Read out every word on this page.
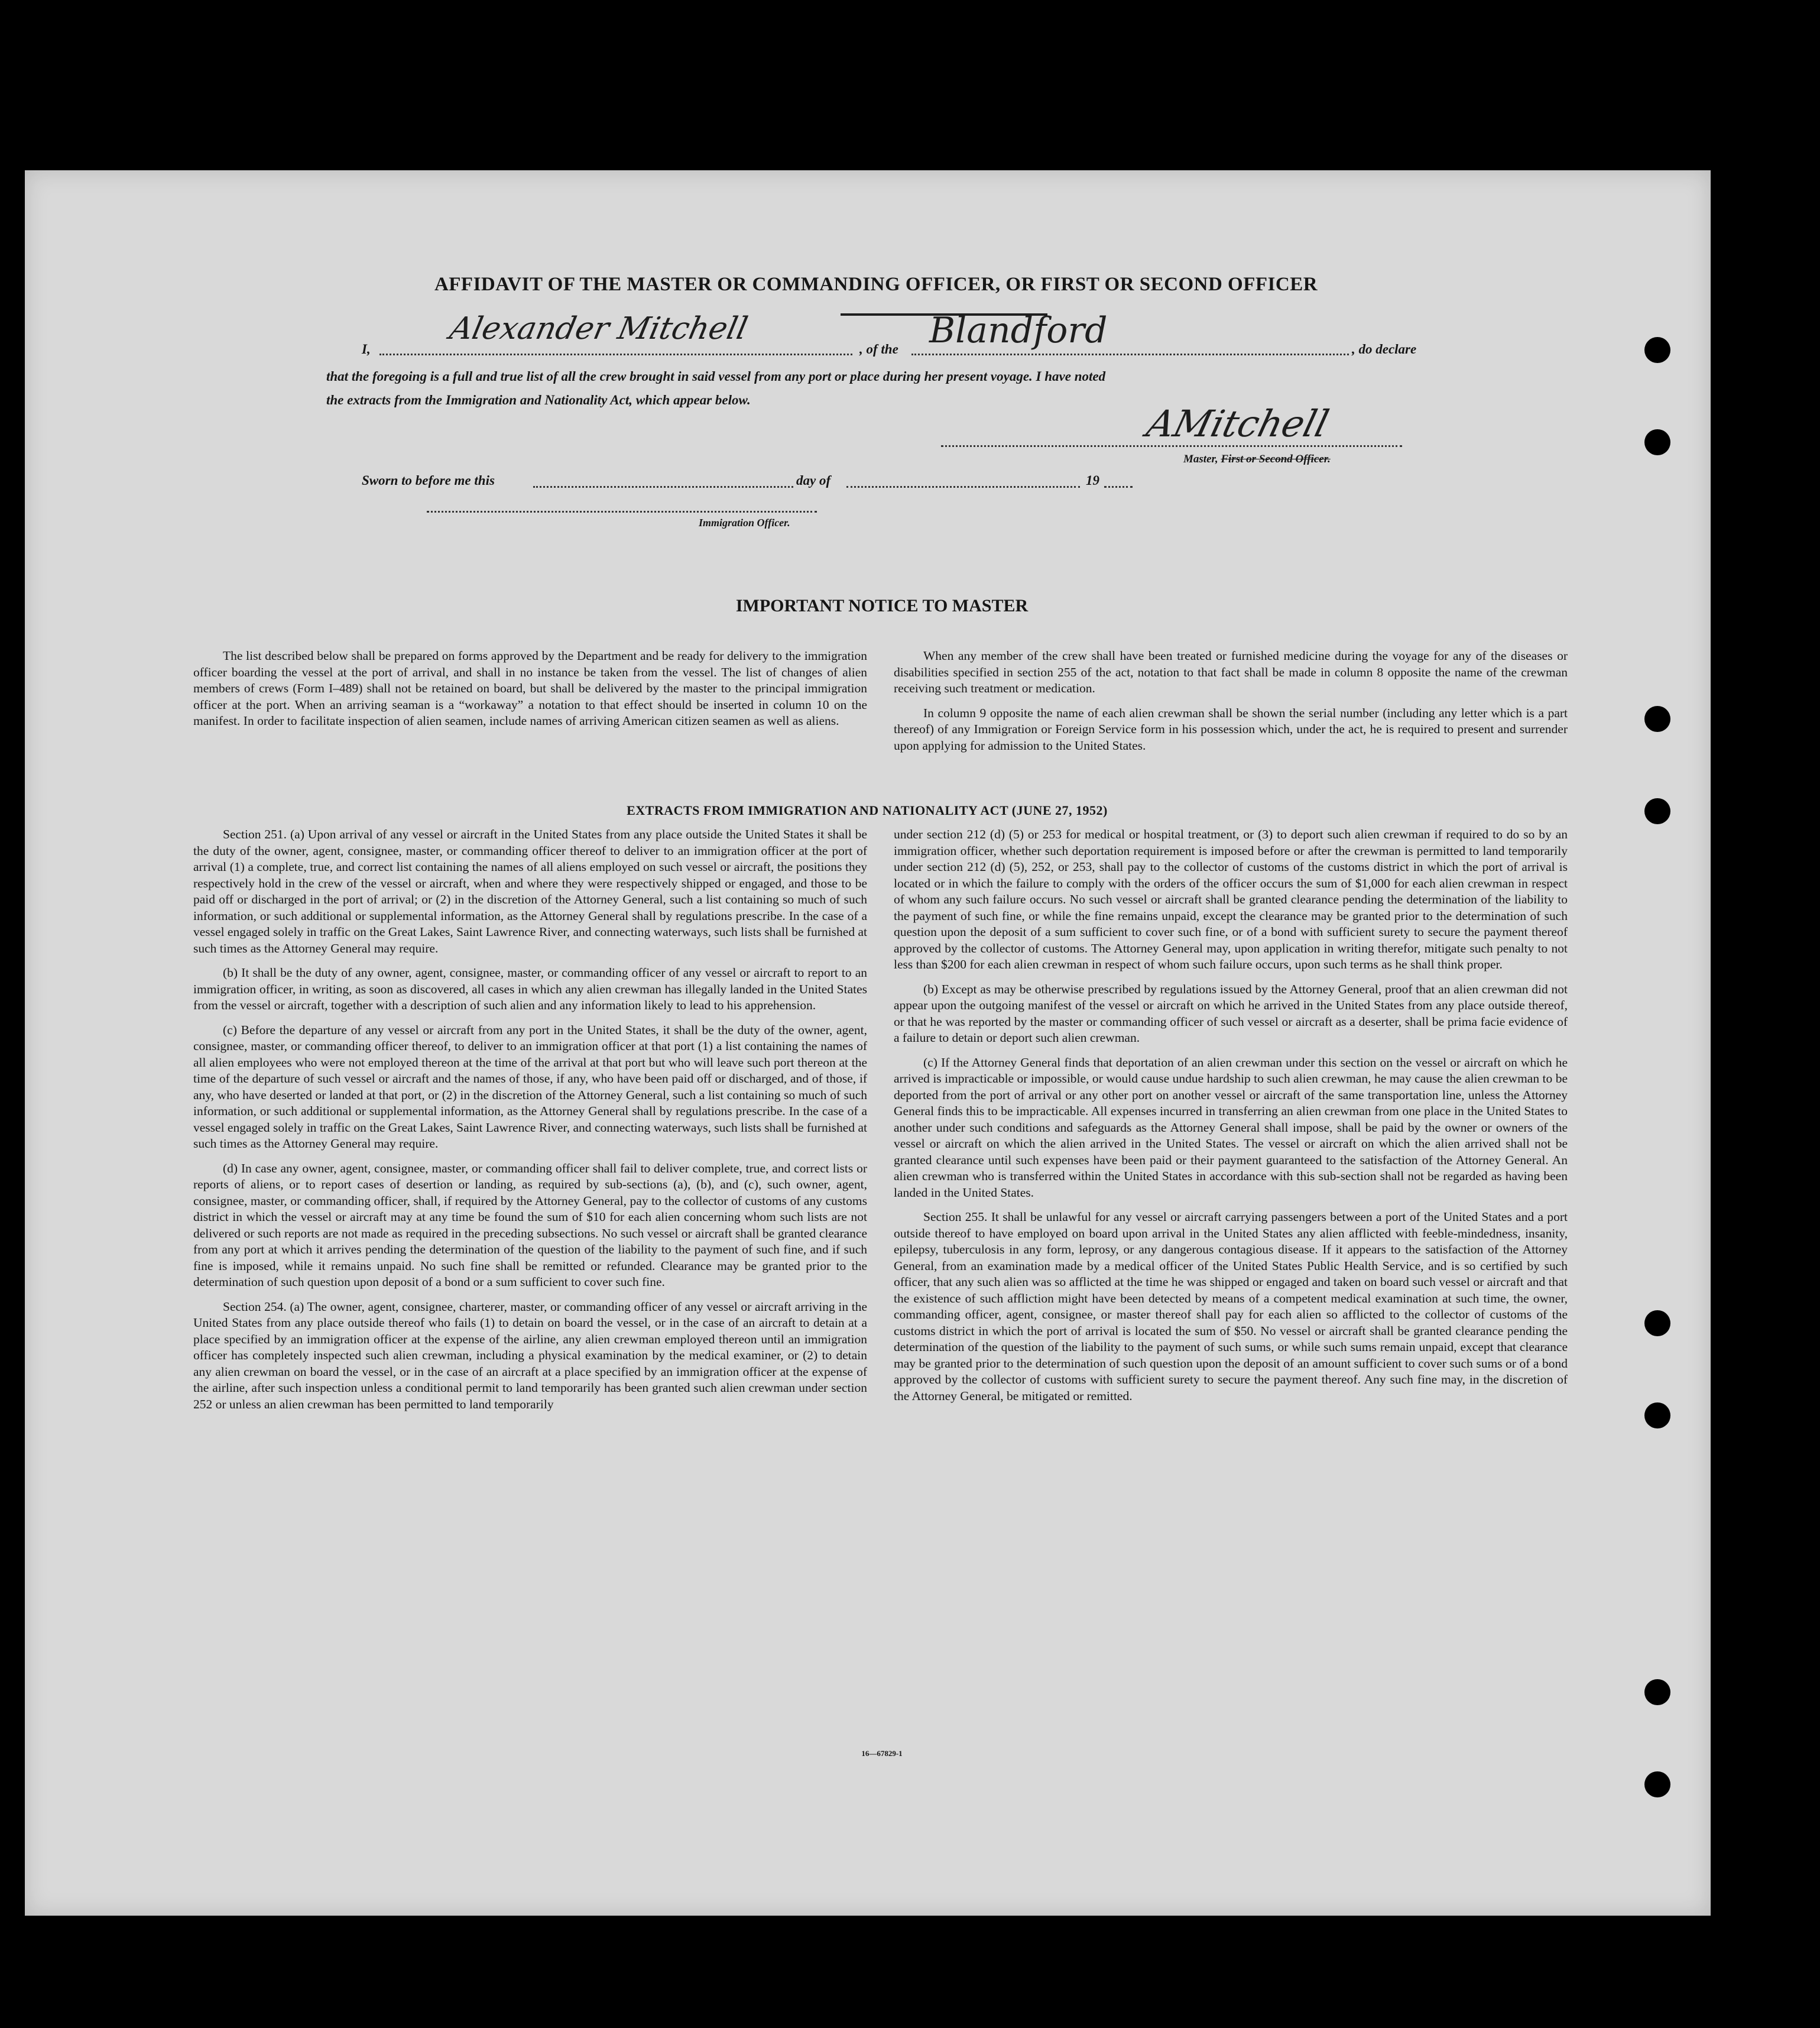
AFFIDAVIT OF THE MASTER OR COMMANDING OFFICER, OR FIRST OR SECOND OFFICER
I,
Alexander Mitchell
, of the Blandford	, do declare
that the foregoing is a full and true list of all the crew brought in said vessel from any port or place during her present voyage. I have noted
the extracts from the Immigration and Nationality Act, which appear below.
AMitchell
Master, First or Second Officer.
Sworn to before me this	day of	19
Immigration Officer.
IMPORTANT NOTICE TO MASTER

The list described below shall be prepared on forms approved by the Department and be ready for delivery to the immigration officer boarding the vessel at the port of arrival, and shall in no instance be taken from the vessel. The list of changes of alien members of crews (Form I–489) shall not be retained on board, but shall be delivered by the master to the principal immigration officer at the port. When an arriving seaman is a “workaway” a notation to that effect should be inserted in column 10 on the manifest. In order to facilitate inspection of alien seamen, include names of arriving American citizen seamen as well as aliens.

When any member of the crew shall have been treated or furnished medicine during the voyage for any of the diseases or disabilities specified in section 255 of the act, notation to that fact shall be made in column 8 opposite the name of the crewman receiving such treatment or medication.

In column 9 opposite the name of each alien crewman shall be shown the serial number (including any letter which is a part thereof) of any Immigration or Foreign Service form in his possession which, under the act, he is required to present and surrender upon applying for admission to the United States.

EXTRACTS FROM IMMIGRATION AND NATIONALITY ACT (JUNE 27, 1952)

Section 251. (a) Upon arrival of any vessel or aircraft in the United States from any place outside the United States it shall be the duty of the owner, agent, consignee, master, or commanding officer thereof to deliver to an immigration officer at the port of arrival (1) a complete, true, and correct list containing the names of all aliens employed on such vessel or aircraft, the positions they respectively hold in the crew of the vessel or aircraft, when and where they were respectively shipped or engaged, and those to be paid off or discharged in the port of arrival; or (2) in the discretion of the Attorney General, such a list containing so much of such information, or such additional or supplemental information, as the Attorney General shall by regulations prescribe. In the case of a vessel engaged solely in traffic on the Great Lakes, Saint Lawrence River, and connecting waterways, such lists shall be furnished at such times as the Attorney General may require.

(b) It shall be the duty of any owner, agent, consignee, master, or commanding officer of any vessel or aircraft to report to an immigration officer, in writing, as soon as discovered, all cases in which any alien crewman has illegally landed in the United States from the vessel or aircraft, together with a description of such alien and any information likely to lead to his apprehension.

(c) Before the departure of any vessel or aircraft from any port in the United States, it shall be the duty of the owner, agent, consignee, master, or commanding officer thereof, to deliver to an immigration officer at that port (1) a list containing the names of all alien employees who were not employed thereon at the time of the arrival at that port but who will leave such port thereon at the time of the departure of such vessel or aircraft and the names of those, if any, who have been paid off or discharged, and of those, if any, who have deserted or landed at that port, or (2) in the discretion of the Attorney General, such a list containing so much of such information, or such additional or supplemental information, as the Attorney General shall by regulations prescribe. In the case of a vessel engaged solely in traffic on the Great Lakes, Saint Lawrence River, and connecting waterways, such lists shall be furnished at such times as the Attorney General may require.

(d) In case any owner, agent, consignee, master, or commanding officer shall fail to deliver complete, true, and correct lists or reports of aliens, or to report cases of desertion or landing, as required by sub-sections (a), (b), and (c), such owner, agent, consignee, master, or commanding officer, shall, if required by the Attorney General, pay to the collector of customs of any customs district in which the vessel or aircraft may at any time be found the sum of $10 for each alien concerning whom such lists are not delivered or such reports are not made as required in the preceding subsections. No such vessel or aircraft shall be granted clearance from any port at which it arrives pending the determination of the question of the liability to the payment of such fine, and if such fine is imposed, while it remains unpaid. No such fine shall be remitted or refunded. Clearance may be granted prior to the determination of such question upon deposit of a bond or a sum sufficient to cover such fine.

Section 254. (a) The owner, agent, consignee, charterer, master, or commanding officer of any vessel or aircraft arriving in the United States from any place outside thereof who fails (1) to detain on board the vessel, or in the case of an aircraft to detain at a place specified by an immigration officer at the expense of the airline, any alien crewman employed thereon until an immigration officer has completely inspected such alien crewman, including a physical examination by the medical examiner, or (2) to detain any alien crewman on board the vessel, or in the case of an aircraft at a place specified by an immigration officer at the expense of the airline, after such inspection unless a conditional permit to land temporarily has been granted such alien crewman under section 252 or unless an alien crewman has been permitted to land temporarily

under section 212 (d) (5) or 253 for medical or hospital treatment, or (3) to deport such alien crewman if required to do so by an immigration officer, whether such deportation requirement is imposed before or after the crewman is permitted to land temporarily under section 212 (d) (5), 252, or 253, shall pay to the collector of customs of the customs district in which the port of arrival is located or in which the failure to comply with the orders of the officer occurs the sum of $1,000 for each alien crewman in respect of whom any such failure occurs. No such vessel or aircraft shall be granted clearance pending the determination of the liability to the payment of such fine, or while the fine remains unpaid, except the clearance may be granted prior to the determination of such question upon the deposit of a sum sufficient to cover such fine, or of a bond with sufficient surety to secure the payment thereof approved by the collector of customs. The Attorney General may, upon application in writing therefor, mitigate such penalty to not less than $200 for each alien crewman in respect of whom such failure occurs, upon such terms as he shall think proper.

(b) Except as may be otherwise prescribed by regulations issued by the Attorney General, proof that an alien crewman did not appear upon the outgoing manifest of the vessel or aircraft on which he arrived in the United States from any place outside thereof, or that he was reported by the master or commanding officer of such vessel or aircraft as a deserter, shall be prima facie evidence of a failure to detain or deport such alien crewman.

(c) If the Attorney General finds that deportation of an alien crewman under this section on the vessel or aircraft on which he arrived is impracticable or impossible, or would cause undue hardship to such alien crewman, he may cause the alien crewman to be deported from the port of arrival or any other port on another vessel or aircraft of the same transportation line, unless the Attorney General finds this to be impracticable. All expenses incurred in transferring an alien crewman from one place in the United States to another under such conditions and safeguards as the Attorney General shall impose, shall be paid by the owner or owners of the vessel or aircraft on which the alien arrived in the United States. The vessel or aircraft on which the alien arrived shall not be granted clearance until such expenses have been paid or their payment guaranteed to the satisfaction of the Attorney General. An alien crewman who is transferred within the United States in accordance with this sub-section shall not be regarded as having been landed in the United States.

Section 255. It shall be unlawful for any vessel or aircraft carrying passengers between a port of the United States and a port outside thereof to have employed on board upon arrival in the United States any alien afflicted with feeble-mindedness, insanity, epilepsy, tuberculosis in any form, leprosy, or any dangerous contagious disease. If it appears to the satisfaction of the Attorney General, from an examination made by a medical officer of the United States Public Health Service, and is so certified by such officer, that any such alien was so afflicted at the time he was shipped or engaged and taken on board such vessel or aircraft and that the existence of such affliction might have been detected by means of a competent medical examination at such time, the owner, commanding officer, agent, consignee, or master thereof shall pay for each alien so afflicted to the collector of customs of the customs district in which the port of arrival is located the sum of $50. No vessel or aircraft shall be granted clearance pending the determination of the question of the liability to the payment of such sums, or while such sums remain unpaid, except that clearance may be granted prior to the determination of such question upon the deposit of an amount sufficient to cover such sums or of a bond approved by the collector of customs with sufficient surety to secure the payment thereof. Any such fine may, in the discretion of the Attorney General, be mitigated or remitted.

16—67829-1
